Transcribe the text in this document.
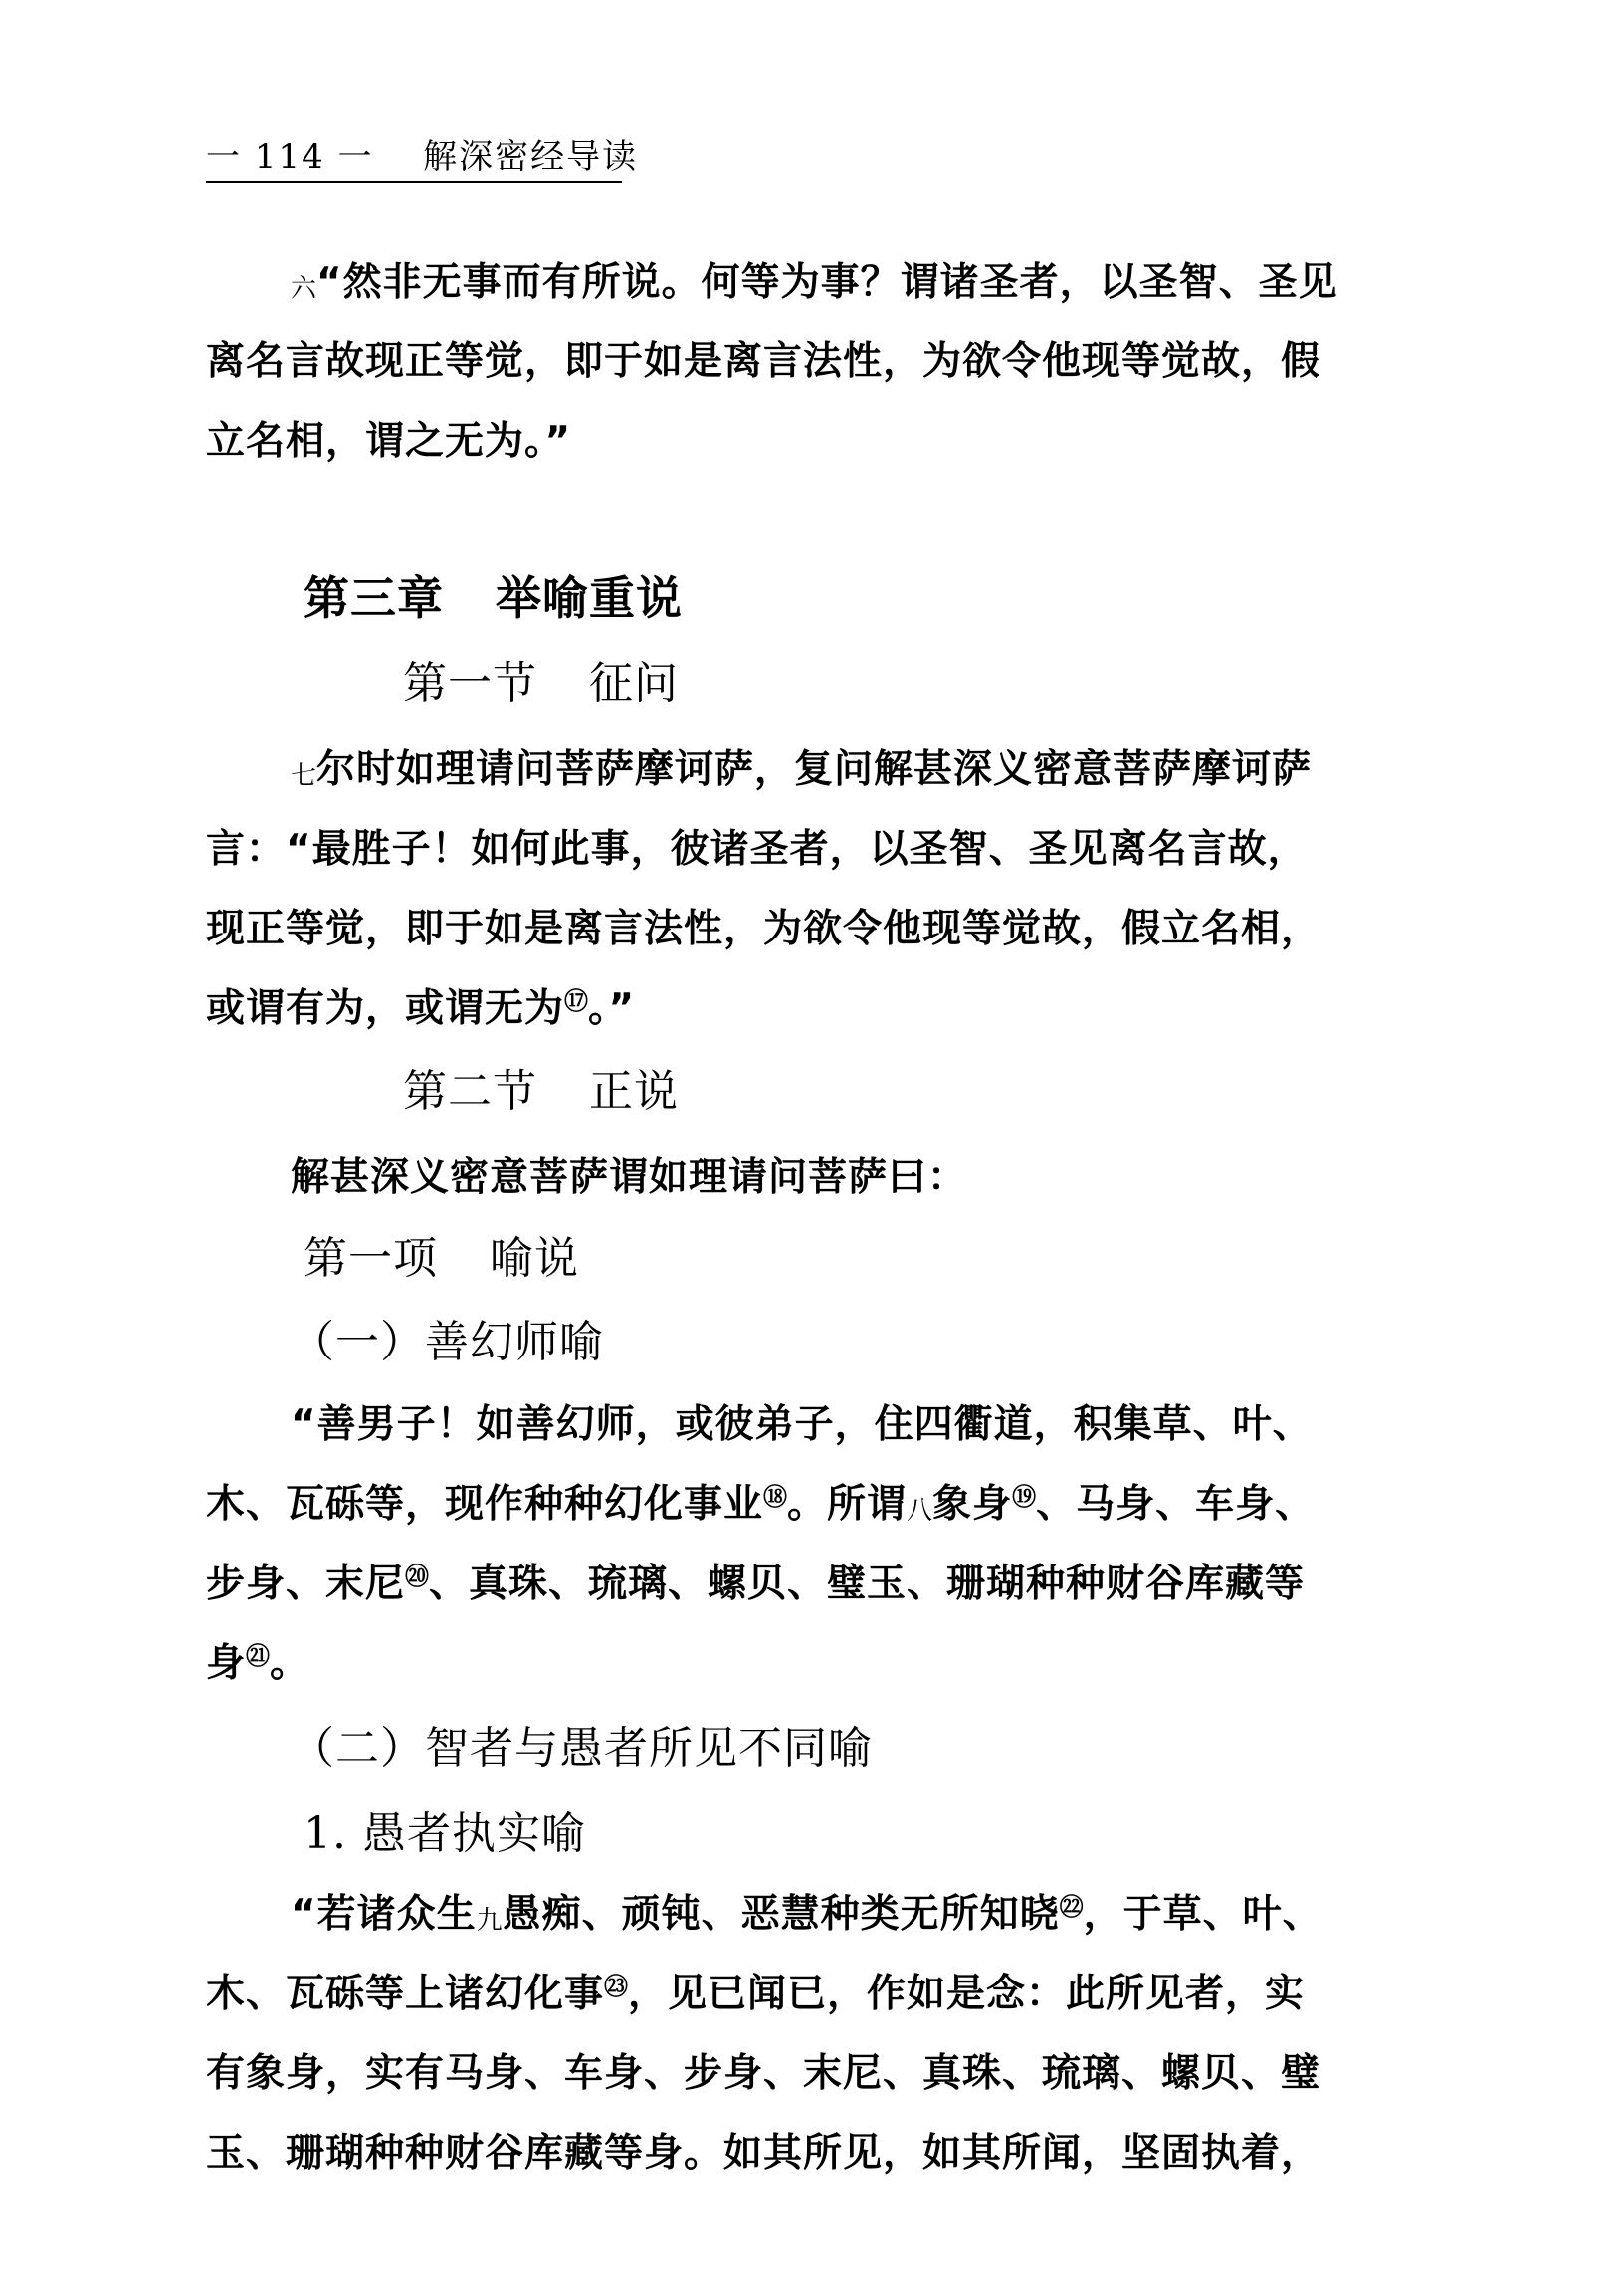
一 114 一 解深密经导读
六“然非无事而有所说。何等为事？谓诸圣者，以圣智、圣见
离名言故现正等觉，即于如是离言法性，为欲令他现等觉故，假
立名相，谓之无为。”
第三章 举喻重说
第一节 征问
七尔时如理请问菩萨摩诃萨，复问解甚深义密意菩萨摩诃萨
言：“最胜子！如何此事，彼诸圣者，以圣智、圣见离名言故，
现正等觉，即于如是离言法性，为欲令他现等觉故，假立名相，
或谓有为，或谓无为⑰。”
第二节 正说
解甚深义密意菩萨谓如理请问菩萨曰：
第一项 喻说
（一）善幻师喻
“善男子！如善幻师，或彼弟子，住四衢道，积集草、叶、
木、瓦砾等，现作种种幻化事业⑱。所谓八象身⑲、马身、车身、
步身、末尼⑳、真珠、琉璃、螺贝、璧玉、珊瑚种种财谷库藏等
身$^㉑$。
（二）智者与愚者所见不同喻
1. 愚者执实喻
“若诸众生九愚痴、顽钝、恶慧种类无所知晓$^㉒$，于草、叶、
木、瓦砾等上诸幻化事$^㉓$，见已闻已，作如是念：此所见者，实
有象身，实有马身、车身、步身、末尼、真珠、琉璃、螺贝、璧
玉、珊瑚种种财谷库藏等身。如其所见，如其所闻，坚固执着，
